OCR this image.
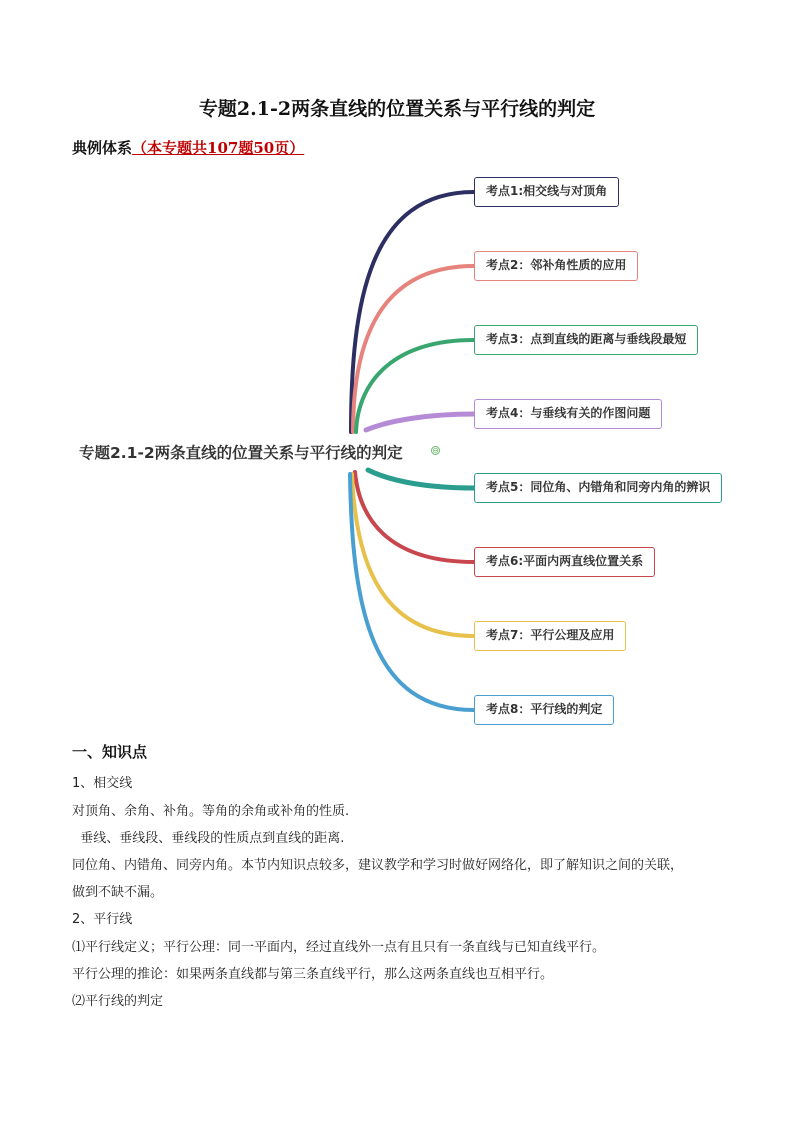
专题2.1-2两条直线的位置关系与平行线的判定
典例体系（本专题共107题50页）
专题2.1-2两条直线的位置关系与平行线的判定	⊖
考点1:相交线与对顶角
考点2：邻补角性质的应用
考点3：点到直线的距离与垂线段最短
考点4：与垂线有关的作图问题
考点5：同位角、内错角和同旁内角的辨识
考点6:平面内两直线位置关系
考点7：平行公理及应用
考点8：平行线的判定
一、知识点
1、相交线
对顶角、余角、补角。等角的余角或补角的性质.
垂线、垂线段、垂线段的性质点到直线的距离.
同位角、内错角、同旁内角。本节内知识点较多，建议教学和学习时做好网络化，即了解知识之间的关联，
做到不缺不漏。
2、平行线
⑴平行线定义；平行公理：同一平面内，经过直线外一点有且只有一条直线与已知直线平行。
平行公理的推论：如果两条直线都与第三条直线平行，那么这两条直线也互相平行。
⑵平行线的判定
